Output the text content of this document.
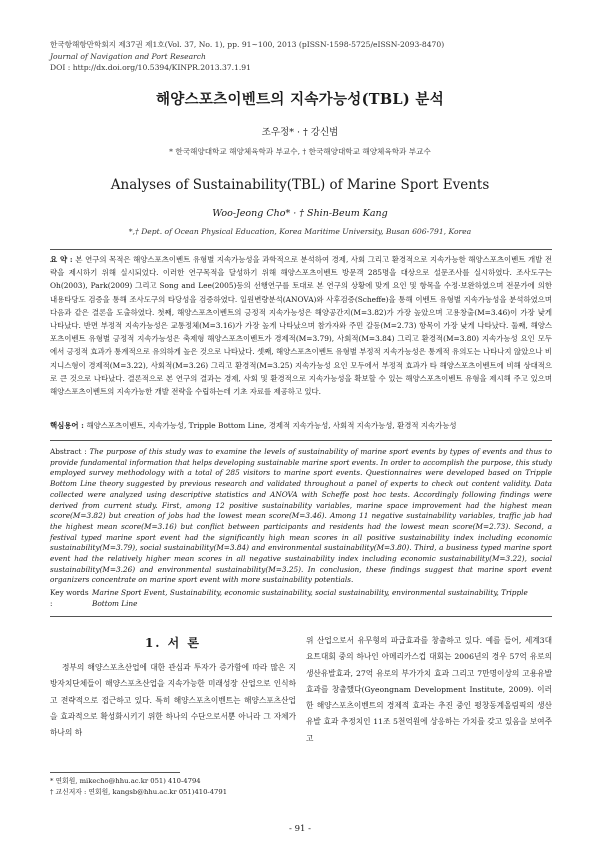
한국항해항만학회지 제37권 제1호(Vol. 37, No. 1), pp. 91~100, 2013 (pISSN-1598-5725/eISSN-2093-8470)
Journal of Navigation and Port Research
DOI : http://dx.doi.org/10.5394/KINPR.2013.37.1.91
해양스포츠이벤트의 지속가능성(TBL) 분석
조우정* · † 강신범
* 한국해양대학교 해양체육학과 부교수, † 한국해양대학교 해양체육학과 부교수
Analyses of Sustainability(TBL) of Marine Sport Events
Woo-Jeong Cho* · † Shin-Beum Kang
*,† Dept. of Ocean Physical Education, Korea Maritime University, Busan 606-791, Korea
요 약 : 본 연구의 목적은 해양스포츠이벤트 유형별 지속가능성을 과학적으로 분석하여 경제, 사회 그리고 환경적으로 지속가능한 해양스포츠이벤트 개발 전략을 제시하기 위해 실시되었다. 이러한 연구목적을 달성하기 위해 해양스포츠이벤트 방문객 285명을 대상으로 설문조사를 실시하였다. 조사도구는 Oh(2003), Park(2009) 그리고 Song and Lee(2005)등의 선행연구를 토대로 본 연구의 상황에 맞게 요인 및 항목을 수정·보완하였으며 전문가에 의한 내용타당도 검증을 통해 조사도구의 타당성을 검증하였다. 일원변량분석(ANOVA)와 사후검증(Scheffe)을 통해 이벤트 유형별 지속가능성을 분석하였으며 다음과 같은 결론을 도출하였다. 첫째, 해양스포츠이벤트의 긍정적 지속가능성은 해양공간지(M=3.82)가 가장 높았으며 고용창출(M=3.46)이 가장 낮게 나타났다. 반면 부정적 지속가능성은 교통정체(M=3.16)가 가장 높게 나타났으며 참가자와 주민 갈등(M=2.73) 항목이 가장 낮게 나타났다. 둘째, 해양스포츠이벤트 유형별 긍정적 지속가능성은 축제형 해양스포츠이벤트가 경제적(M=3.79), 사회적(M=3.84) 그리고 환경적(M=3.80) 지속가능성 요인 모두에서 긍정적 효과가 통계적으로 유의하게 높은 것으로 나타났다. 셋째, 해양스포츠이벤트 유형별 부정적 지속가능성은 통계적 유의도는 나타나지 않았으나 비지니스형이 경제적(M=3.22), 사회적(M=3.26) 그리고 환경적(M=3.25) 지속가능성 요인 모두에서 부정적 효과가 타 해양스포츠이벤트에 비해 상대적으로 큰 것으로 나타났다. 결론적으로 본 연구의 결과는 경제, 사회 및 환경적으로 지속가능성을 확보할 수 있는 해양스포츠이벤트 유형을 제시해 주고 있으며 해양스포츠이벤트의 지속가능한 개발 전략을 수립하는데 기초 자료를 제공하고 있다.
핵심용어 : 해양스포츠이벤트, 지속가능성, Tripple Bottom Line, 경제적 지속가능성, 사회적 지속가능성, 환경적 지속가능성
Abstract : The purpose of this study was to examine the levels of sustainability of marine sport events by types of events and thus to provide fundamental information that helps developing sustainable marine sport events. In order to accomplish the purpose, this study employed survey methodology with a total of 285 visitors to marine sport events. Questionnaires were developed based on Tripple Bottom Line theory suggested by previous research and validated throughout a panel of experts to check out content validity. Data collected were analyzed using descriptive statistics and ANOVA with Scheffe post hoc tests. Accordingly following findings were derived from current study. First, among 12 positive sustainability variables, marine space improvement had the highest mean score(M=3.82) but creation of jobs had the lowest mean score(M=3.46). Among 11 negative sustainability variables, traffic jab had the highest mean score(M=3.16) but conflict between participants and residents had the lowest mean score(M=2.73). Second, a festival typed marine sport event had the significantly high mean scores in all positive sustainability index including economic sustainability(M=3.79), social sustainability(M=3.84) and environmental sustainability(M=3.80). Third, a business typed marine sport event had the relatively higher mean scores in all negative sustainability index including economic sustainability(M=3.22), social sustainability(M=3.26) and environmental sustainability(M=3.25). In conclusion, these findings suggest that marine sport event organizers concentrate on marine sport event with more sustainability potentials.
Key words :
Marine Sport Event, Sustainability, economic sustainability, social sustainability, environmental sustainability, Tripple Bottom Line
1. 서 론
정부의 해양스포츠산업에 대한 관심과 투자가 증가함에 따라 많은 지방자치단체들이 해양스포츠산업을 지속가능한 미래성장 산업으로 인식하고 전략적으로 접근하고 있다. 특히 해양스포츠이벤트는 해양스포츠산업을 효과적으로 확성화시키기 위한 하나의 수단으로서뿐 아니라 그 자체가 하나의 하
위 산업으로서 유무형의 파급효과를 창출하고 있다. 예를 들어, 세계3대 요트대회 중의 하나인 아메리카스컵 대회는 2006년의 경우 57억 유로의 생산유발효과, 27억 유로의 부가가치 효과 그리고 7만명이상의 고용유발 효과를 창출했다(Gyeongnam Development Institute, 2009). 이러한 해양스포츠이벤트의 경제적 효과는 추진 중인 평창동계올림픽의 생산유발 효과 추정치인 11조 5천억원에 상응하는 가치를 갖고 있음을 보여주고
* 연회원, mikecho@hhu.ac.kr 051) 410-4794
† 교신저자 : 연회원, kangsb@hhu.ac.kr 051)410-4791
- 91 -
